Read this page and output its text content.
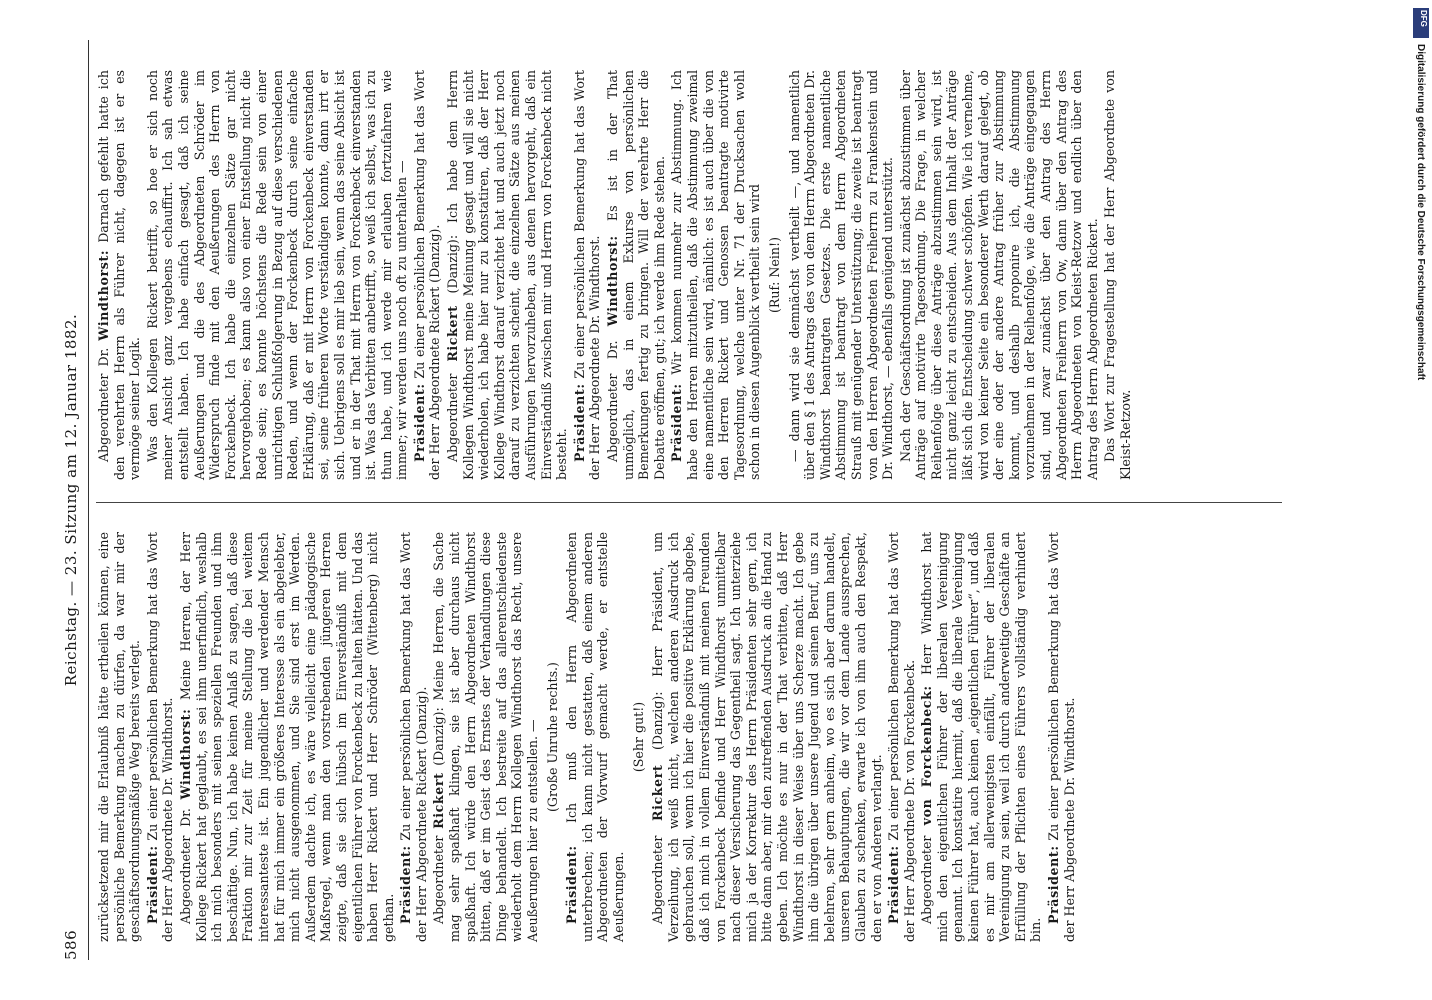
586
Reichstag. — 23. Sitzung am 12. Januar 1882.

zurücksetzend mir die Erlaubniß hätte ertheilen können, eine persönliche Bemerkung machen zu dürfen, da war mir der geschäftsordnungsmäßige Weg bereits verlegt. Präsident: Zu einer persönlichen Bemerkung hat das Wort der Herr Abgeordnete Dr. Windthorst. Abgeordneter Dr. Windthorst: Meine Herren, der Herr Kollege Rickert hat geglaubt, es sei ihm unerfindlich, weshalb ich mich besonders mit seinen speziellen Freunden und ihm beschäftige. Nun, ich habe keinen Anlaß zu sagen, daß diese Fraktion mir zur Zeit für meine Stellung die bei weitem interessanteste ist. Ein jugendlicher und werdender Mensch hat für mich immer ein größeres Interesse als ein abgelebter, mich nicht ausgenommen, und Sie sind erst im Werden. Außerdem dachte ich, es wäre vielleicht eine pädagogische Maßregel, wenn man den vorstrebenden jüngeren Herren zeigte, daß sie sich hübsch im Einverständniß mit dem eigentlichen Führer von Forckenbeck zu halten hätten. Und das haben Herr Rickert und Herr Schröder (Wittenberg) nicht gethan. Präsident: Zu einer persönlichen Bemerkung hat das Wort der Herr Abgeordnete Rickert (Danzig). Abgeordneter Rickert (Danzig): Meine Herren, die Sache mag sehr spaßhaft klingen, sie ist aber durchaus nicht spaßhaft. Ich würde den Herrn Abgeordneten Windthorst bitten, daß er im Geist des Ernstes der Verhandlungen diese Dinge behandelt. Ich bestreite auf das allerentschiedenste wiederholt dem Herrn Kollegen Windthorst das Recht, unsere Aeußerungen hier zu entstellen. — (Große Unruhe rechts.)

Präsident: Ich muß den Herrn Abgeordneten unterbrechen; ich kann nicht gestatten, daß einem anderen Abgeordneten der Vorwurf gemacht werde, er entstelle Aeußerungen.

(Sehr gut!)

Abgeordneter Rickert (Danzig): Herr Präsident, um Verzeihung, ich weiß nicht, welchen anderen Ausdruck ich gebrauchen soll, wenn ich hier die positive Erklärung abgebe, daß ich mich in vollem Einverständniß mit meinen Freunden von Forckenbeck befinde und Herr Windthorst unmittelbar nach dieser Versicherung das Gegentheil sagt. Ich unterziehe mich ja der Korrektur des Herrn Präsidenten sehr gern, ich bitte dann aber, mir den zutreffenden Ausdruck an die Hand zu geben. Ich möchte es nur in der That verbitten, daß Herr Windthorst in dieser Weise über uns Scherze macht. Ich gebe ihm die übrigen über unsere Jugend und seinen Beruf, uns zu belehren, sehr gern anheim, wo es sich aber darum handelt, unseren Behauptungen, die wir vor dem Lande aussprechen, Glauben zu schenken, erwarte ich von ihm auch den Respekt, den er von Anderen verlangt. Präsident: Zu einer persönlichen Bemerkung hat das Wort der Herr Abgeordnete Dr. von Forckenbeck. Abgeordneter von Forckenbeck: Herr Windthorst hat mich den eigentlichen Führer der liberalen Vereinigung genannt. Ich konstatire hiermit, daß die liberale Vereinigung keinen Führer hat, auch keinen „eigentlichen Führer“, und daß es mir am allerwenigsten einfällt, Führer der liberalen Vereinigung zu sein, weil ich durch anderweitige Geschäfte an Erfüllung der Pflichten eines Führers vollständig verhindert bin.

Präsident: Zu einer persönlichen Bemerkung hat das Wort der Herr Abgeordnete Dr. Windthorst.

Abgeordneter Dr. Windthorst: Darnach gefehlt hatte ich den verehrten Herrn als Führer nicht, dagegen ist er es vermöge seiner Logik. Was den Kollegen Rickert betrifft, so hoe er sich noch meiner Ansicht ganz vergebens echauffirt. Ich sah etwas entstellt haben. Ich habe einfach gesagt, daß ich seine Aeußerungen und die des Abgeordneten Schröder im Widerspruch finde mit den Aeußerungen des Herrn von Forckenbeck. Ich habe die einzelnen Sätze gar nicht hervorgehoben; es kann also von einer Entstellung nicht die Rede sein; es konnte höchstens die Rede sein von einer unrichtigen Schlußfolgerung in Bezug auf diese verschiedenen Reden, und wenn der Forckenbeck durch seine einfache Erklärung, daß er mit Herrn von Forckenbeck einverstanden sei, seine früheren Worte verständigen konnte, dann irrt er sich. Uebrigens soll es mir lieb sein, wenn das seine Absicht ist und er in der That mit Herrn von Forckenbeck einverstanden ist. Was das Verbitten anbetrifft, so weiß ich selbst, was ich zu thun habe, und ich werde mir erlauben fortzufahren wie immer; wir werden uns noch oft zu unterhalten — Präsident: Zu einer persönlichen Bemerkung hat das Wort der Herr Abgeordnete Rickert (Danzig). Abgeordneter Rickert (Danzig): Ich habe dem Herrn Kollegen Windthorst meine Meinung gesagt und will sie nicht wiederholen, ich habe hier nur zu konstatiren, daß der Herr Kollege Windthorst darauf verzichtet hat und auch jetzt noch darauf zu verzichten scheint, die einzelnen Sätze aus meinen Ausführungen hervorzuheben, aus denen hervorgeht, daß ein Einverständniß zwischen mir und Herrn von Forckenbeck nicht besteht. Präsident: Zu einer persönlichen Bemerkung hat das Wort der Herr Abgeordnete Dr. Windthorst. Abgeordneter Dr. Windthorst: Es ist in der That unmöglich, das in einem Exkurse von persönlichen Bemerkungen fertig zu bringen. Will der verehrte Herr die Debatte eröffnen, gut; ich werde ihm Rede stehen. Präsident: Wir kommen nunmehr zur Abstimmung. Ich habe den Herren mitzutheilen, daß die Abstimmung zweimal eine namentliche sein wird, nämlich: es ist auch über die von den Herren Rickert und Genossen beantragte motivirte Tagesordnung, welche unter Nr. 71 der Drucksachen wohl schon in diesen Augenblick vertheilt sein wird (Ruf: Nein!) — dann wird sie demnächst vertheilt —, und namentlich über den § 1 des Antrags des von dem Herrn Abgeordneten Dr. Windthorst beantragten Gesetzes. Die erste namentliche Abstimmung ist beantragt von dem Herrn Abgeordneten Strauß mit genügender Unterstützung; die zweite ist beantragt von den Herren Abgeordneten Freiherrn zu Frankenstein und Dr. Windthorst, — ebenfalls genügend unterstützt. Nach der Geschäftsordnung ist zunächst abzustimmen über Anträge auf motivirte Tagesordnung. Die Frage, in welcher Reihenfolge über diese Anträge abzustimmen sein wird, ist nicht ganz leicht zu entscheiden. Aus dem Inhalt der Anträge läßt sich die Entscheidung schwer schöpfen. Wie ich vernehme, wird von keiner Seite ein besonderer Werth darauf gelegt, ob der eine oder der andere Antrag früher zur Abstimmung kommt, und deshalb proponire ich, die Abstimmung vorzunehmen in der Reihenfolge, wie die Anträge eingegangen sind, und zwar zunächst über den Antrag des Herrn Abgeordneten Freiherrn von Ow, dann über den Antrag des Herrn Abgeordneten von Kleist-Retzow und endlich über den Antrag des Herrn Abgeordneten Rickert. Das Wort zur Fragestellung hat der Herr Abgeordnete von Kleist-Retzow.

Digitalisierung gefördert durch die Deutsche Forschungsgemeinschaft
DFG
